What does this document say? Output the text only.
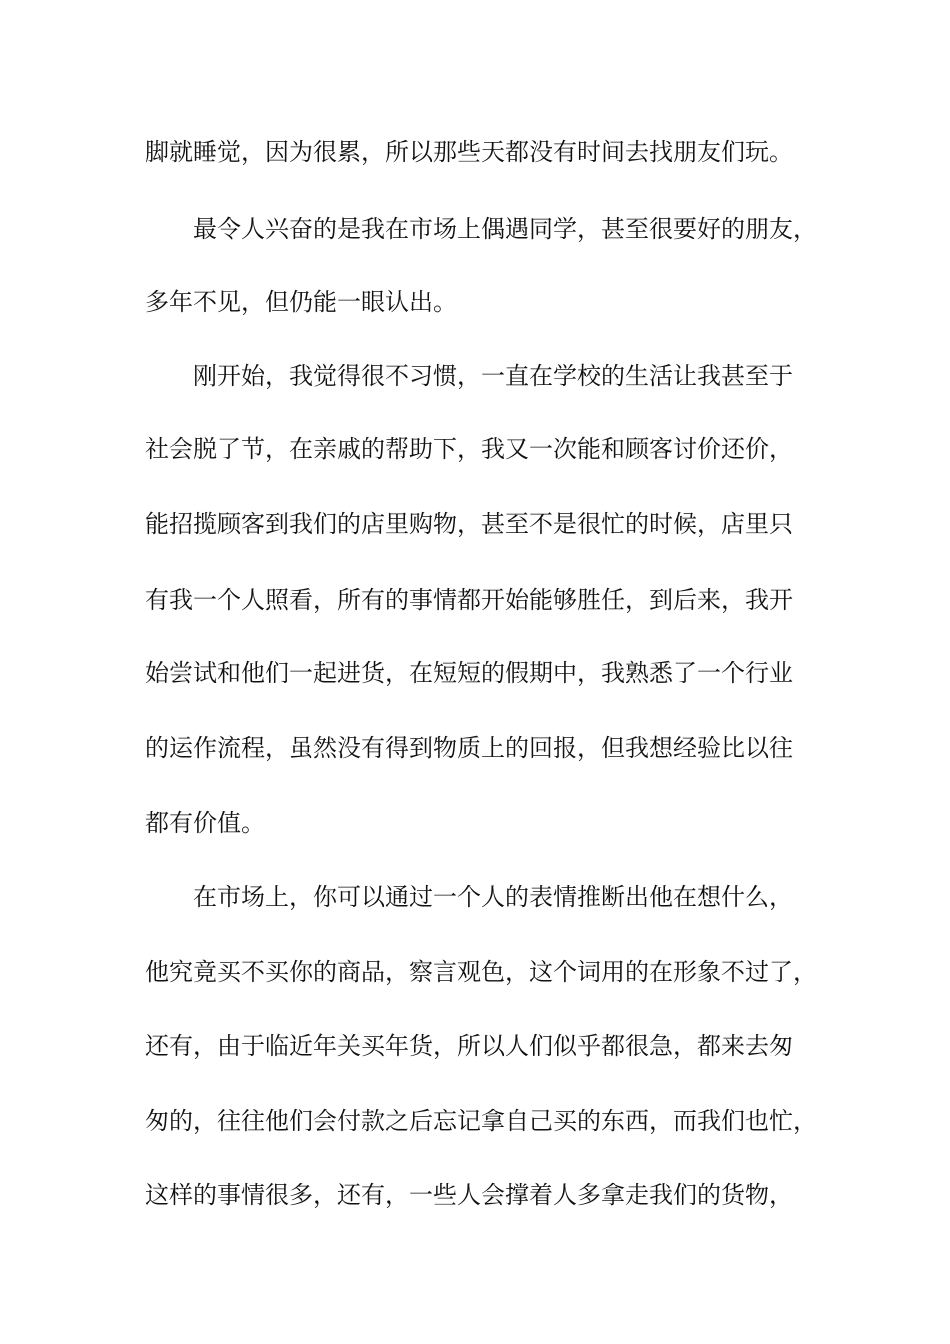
脚就睡觉，因为很累，所以那些天都没有时间去找朋友们玩。
最令人兴奋的是我在市场上偶遇同学，甚至很要好的朋友，
多年不见，但仍能一眼认出。
刚开始，我觉得很不习惯，一直在学校的生活让我甚至于
社会脱了节，在亲戚的帮助下，我又一次能和顾客讨价还价，
能招揽顾客到我们的店里购物，甚至不是很忙的时候，店里只
有我一个人照看，所有的事情都开始能够胜任，到后来，我开
始尝试和他们一起进货，在短短的假期中，我熟悉了一个行业
的运作流程，虽然没有得到物质上的回报，但我想经验比以往
都有价值。
在市场上，你可以通过一个人的表情推断出他在想什么，
他究竟买不买你的商品，察言观色，这个词用的在形象不过了，
还有，由于临近年关买年货，所以人们似乎都很急，都来去匆
匆的，往往他们会付款之后忘记拿自己买的东西，而我们也忙，
这样的事情很多，还有，一些人会撑着人多拿走我们的货物，
